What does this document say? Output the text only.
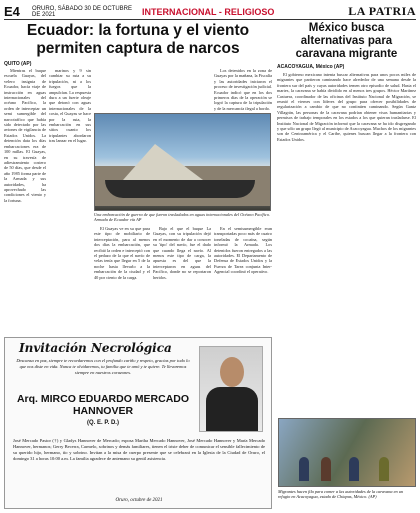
E4	ORURO, SÁBADO 30 DE OCTUBRE DE 2021	INTERNACIONAL - RELIGIOSO	LA PATRIA
Ecuador: la fortuna y el viento permiten captura de narcos
QUITO (AP)

Mientras el buque escuela Guayas, del velero insignia de Ecuador, hacía viaje de instrucción en aguas internacionales del océano Pacífico, la orden de interceptar un semi sumergible del narcotráfico que había sido detectado por las aviones de vigilancia de Estados Unidos. La detención data los días embarcaciones era de 100 millas. El Guayas, en su travesía de adiestramiento costero de 50 días, que desde el año 1985 forma parte de la Armada y sus autoridades, ha aprovechado las condiciones el viento y la fortuna.

marinos y 9 sin cambiar su ruta a su tripulación, ni a los fuegos que la ampulcían. La respuesta dura a un fuerte oleaje que detonó con aguas internacionales de la costa, el Guayas se hace por la ruta, la embarcación en sus sitios cuanto los tripulantes abordaron tras lanzar en el lugar.

Una embarcación de guerra de que fueron trasladados en aguas internacionales del Océano Pacífico. Armada de Ecuador vía AP

El Guayas ve en su que para este tipo de mobiliario de interceptación, para al menos dos días la embarcación, que recibió la orden e interceptó con el pedazo de la que el navío de velas tenía que llegar en 5 de la noche hasta llevarlo a la embarcación de la ciudad y el 40 por ciento de la carga.

Bajo el que el buque La Guayas, con su tripulación dejó en el momento de dar a conocer su 'tipo' del navío, fue el dado que cuando llega el navío. Al menos este tipo de carga, la apuesta es del que la interceptaron en aguas del Pacífico, donde no se reportaron heridos.

En el semisumergible eran transportadas poco más de cuatro toneladas de cocaína, según informó la Armada. Los detenidos fueron entregados a las autoridades. El Departamento de Defensa de Estados Unidos y la Fuerza de Tarea conjunta Inter-Agencial coordinó el operativo.

Los detenidos en la zona de Guayas por la mañana, la Fiscalía y las autoridades iniciaron el proceso de investigación judicial. Ecuador indicó que en los dos primeros días de la operación se logró la captura de la tripulación y de la mercancía ilegal a bordo.

México busca alternativas para caravana migrante
ACACOYAGUA, México (AP)

El gobierno mexicano intenta buscar alternativas para unos pocos miles de migrantes que partieron caminando hace alrededor de una semana desde la frontera sur del país y cuyas autoridades temen otro episodio de salud. Hasta el martes, la caravana se había dividido en al menos tres grupos. Héctor Martínez Castuera, coordinador de las oficinas del Instituto Nacional de Migración, se reunió el viernes con líderes del grupo para ofrecer posibilidades de regularización a cambio de que no continúen caminando. Según Gantz Villagrán, las personas de la caravana podrían obtener visas humanitarias y permisos de trabajo temporales en los estados a los que quieran trasladarse. El Instituto Nacional de Migración informó que la caravana se ha ido disgregando y que sólo un grupo llegó al municipio de Acacoyagua. Muchos de los migrantes son de Centroamérica y el Caribe, quienes buscan llegar a la frontera con Estados Unidos.

Migrantes hacen fila para comer a las autoridades de la caravana en un refugio en Acacoyagua, estado de Chiapas, México. (AP)
Invitación Necrológica
Descansa en paz, siempre te recordaremos con el profundo cariño y respeto, gracias por todo lo que nos diste en vida. Nunca te olvidaremos, tu familia que te amó y te quiere. Te llevaremos siempre en nuestros corazones.
Arq. MIRCO EDUARDO MERCADO HANNOVER
(Q. E. P. D.)
José Mercado Pastor (†) y Gladys Hannover de Mercado; esposa Martha Mercado Hannover, José Mercado Hannover y María Mercado Hannover, hermanos; Gerry Becerra, Carmelo, sobrinos y demás familiares, tienen el triste deber de comunicar el sensible fallecimiento de su querido hijo, hermano, tío y sobrino. Invitan a la misa de cuerpo presente que se celebrará en la Iglesia de la Ciudad de Oruro, el domingo 31 a horas 10:00 a.m. La familia agradece de antemano su gentil asistencia.
Oruro, octubre de 2021
